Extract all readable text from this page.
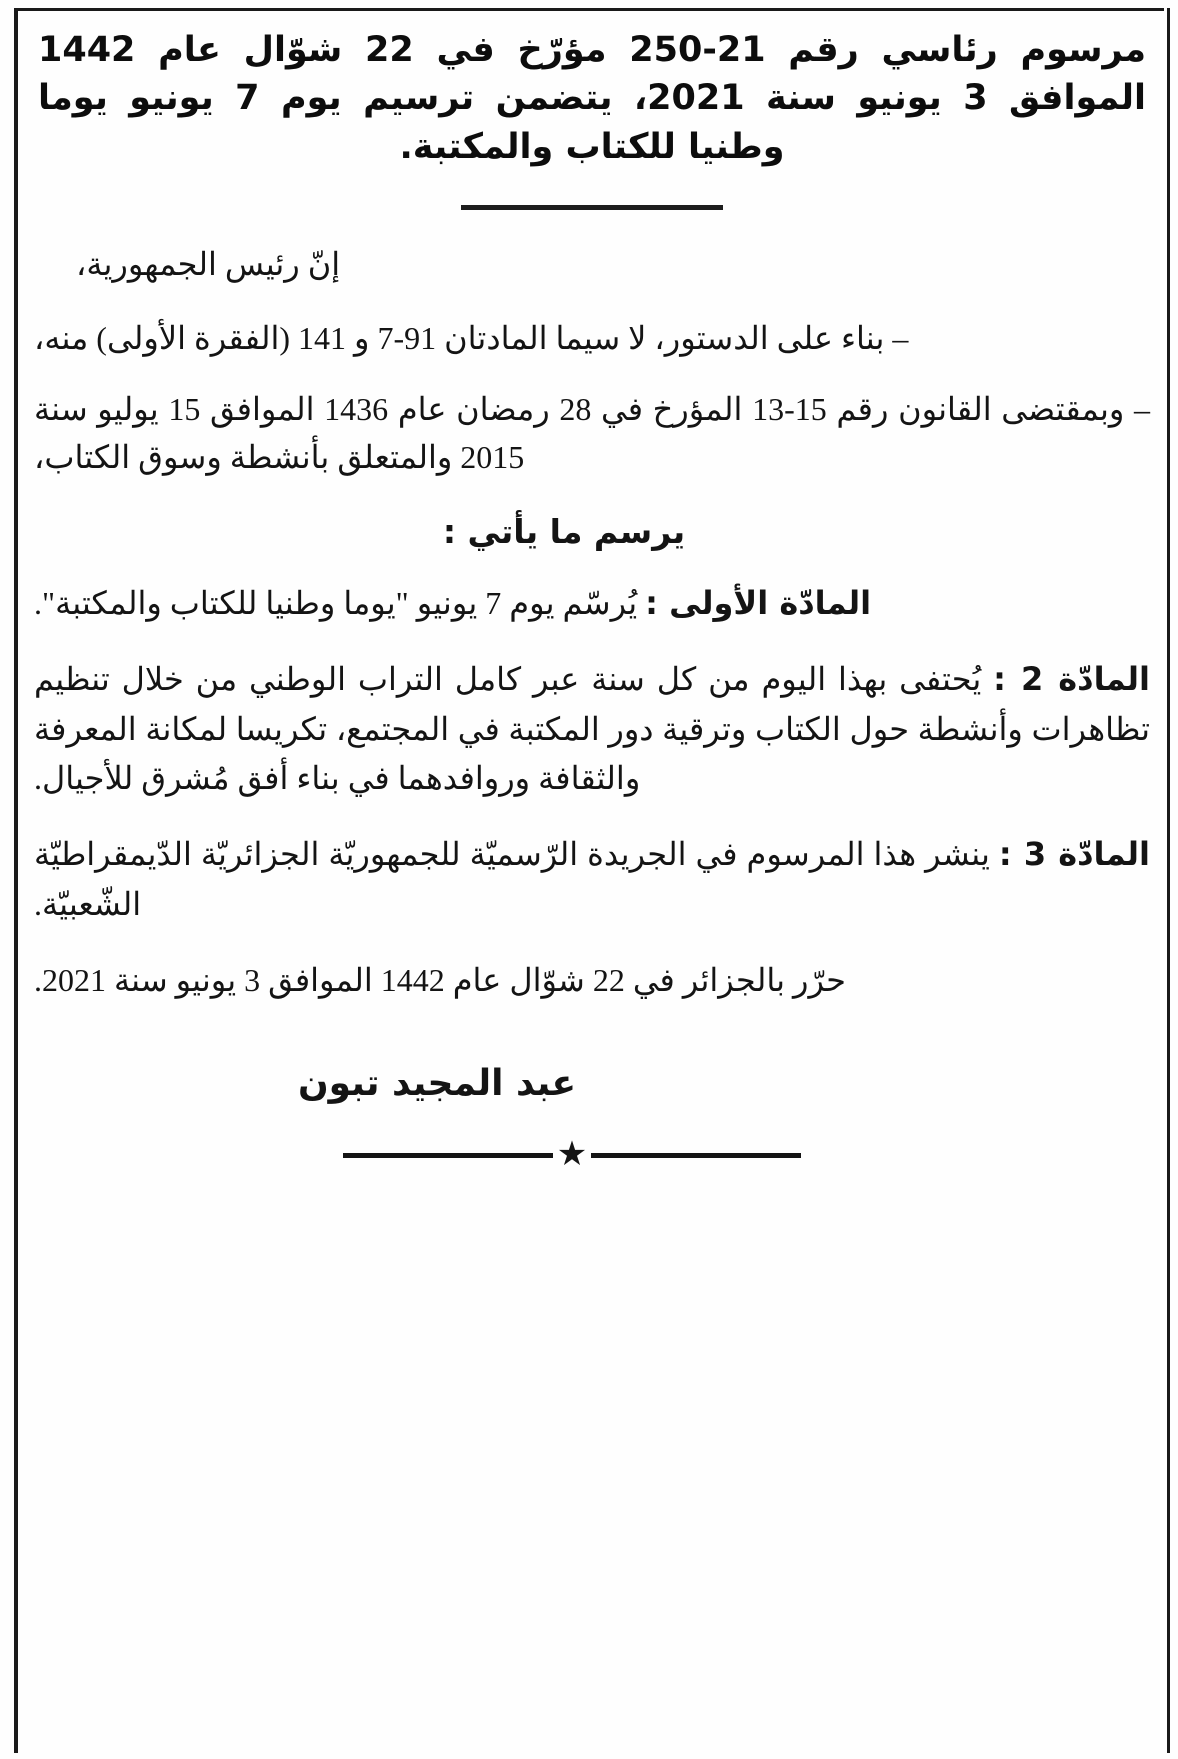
مرسوم رئاسي رقم 21-250 مؤرّخ في 22 شوّال عام 1442 الموافق 3 يونيو سنة 2021، يتضمن ترسيم يوم 7 يونيو يوما وطنيا للكتاب والمكتبة.

إنّ رئيس الجمهورية،

– بناء على الدستور، لا سيما المادتان 91-7 و 141 (الفقرة الأولى) منه،

– وبمقتضى القانون رقم 15-13 المؤرخ في 28 رمضان عام 1436 الموافق 15 يوليو سنة 2015 والمتعلق بأنشطة وسوق الكتاب،

يرسم ما يأتي :

المادّة الأولى : يُرسّم يوم 7 يونيو "يوما وطنيا للكتاب والمكتبة".

المادّة 2 : يُحتفى بهذا اليوم من كل سنة عبر كامل التراب الوطني من خلال تنظيم تظاهرات وأنشطة حول الكتاب وترقية دور المكتبة في المجتمع، تكريسا لمكانة المعرفة والثقافة وروافدهما في بناء أفق مُشرق للأجيال.

المادّة 3 : ينشر هذا المرسوم في الجريدة الرّسميّة للجمهوريّة الجزائريّة الدّيمقراطيّة الشّعبيّة.

حرّر بالجزائر في 22 شوّال عام 1442 الموافق 3 يونيو سنة 2021.

عبد المجيد تبون

★
